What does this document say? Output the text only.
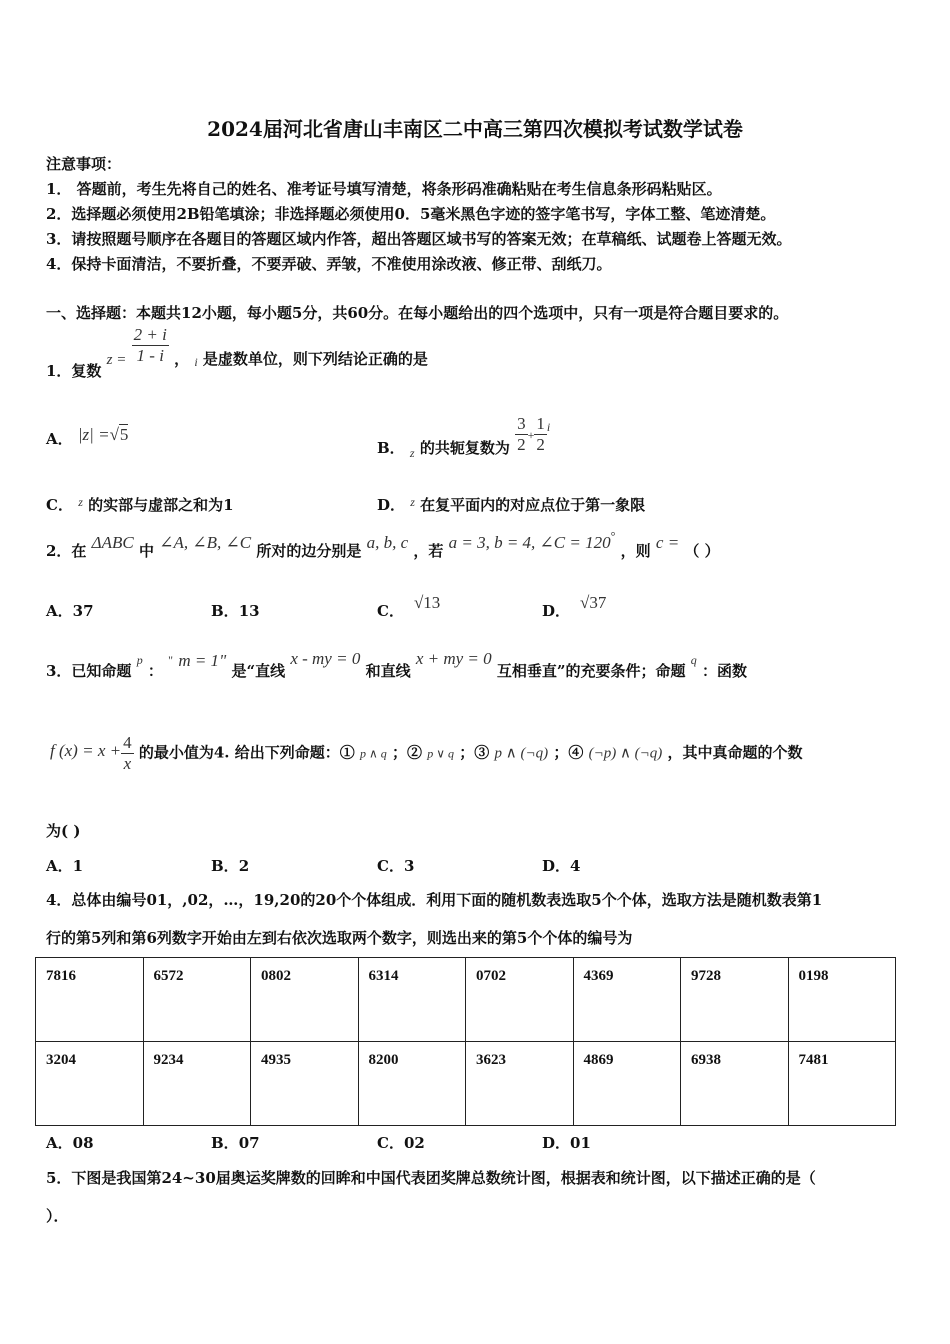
2024届河北省唐山丰南区二中高三第四次模拟考试数学试卷
注意事项：
1． 答题前，考生先将自己的姓名、准考证号填写清楚，将条形码准确粘贴在考生信息条形码粘贴区。
2．选择题必须使用2B铅笔填涂；非选择题必须使用0．5毫米黑色字迹的签字笔书写，字体工整、笔迹清楚。
3．请按照题号顺序在各题目的答题区域内作答，超出答题区域书写的答案无效；在草稿纸、试题卷上答题无效。
4．保持卡面清洁，不要折叠，不要弄破、弄皱，不准使用涂改液、修正带、刮纸刀。
一、选择题：本题共12小题，每小题5分，共60分。在每小题给出的四个选项中，只有一项是符合题目要求的。
1．复数 $z = \frac{2 + i}{1 - i}$ ， $_i$ 是虚数单位，则下列结论正确的是
A． |z| =√5
B． $_z$ 的共轭复数为 $\frac{3}{2} _+ \frac{1}{2} ^i$
C． $^z$ 的实部与虚部之和为1	D． $^z$ 在复平面内的对应点位于第一象限
2．在 ΔABC 中 ∠A, ∠B, ∠C 所对的边分别是 a, b, c ，若 a = 3, b = 4, ∠C = 120° ，则 c = （ ）
A．37	B．13	C． √13	D． √37
3．已知命题 $^p$ ： " m = 1" 是“直线 x - my = 0 和直线 x + my = 0 互相垂直”的充要条件；命题 $^q$ ：函数
f $(x) = x + \frac{4}{x}$ 的最小值为4. 给出下列命题：① p ∧ q ；② p ∨ q ；③ p ∧ (¬q) ；④ (¬p) ∧ (¬q) ，其中真命题的个数
为( )
A．1	B．2	C．3	D．4
4．总体由编号01，,02，…，19,20的20个个体组成．利用下面的随机数表选取5个个体，选取方法是随机数表第1
行的第5列和第6列数字开始由左到右依次选取两个数字，则选出来的第5个个体的编号为
7816	6572	0802	6314	0702	4369	9728	0198
3204	9234	4935	8200	3623	4869	6938	7481
A．08	B．07	C．02	D．01
5．下图是我国第24~30届奥运奖牌数的回眸和中国代表团奖牌总数统计图，根据表和统计图，以下描述正确的是（
）．
